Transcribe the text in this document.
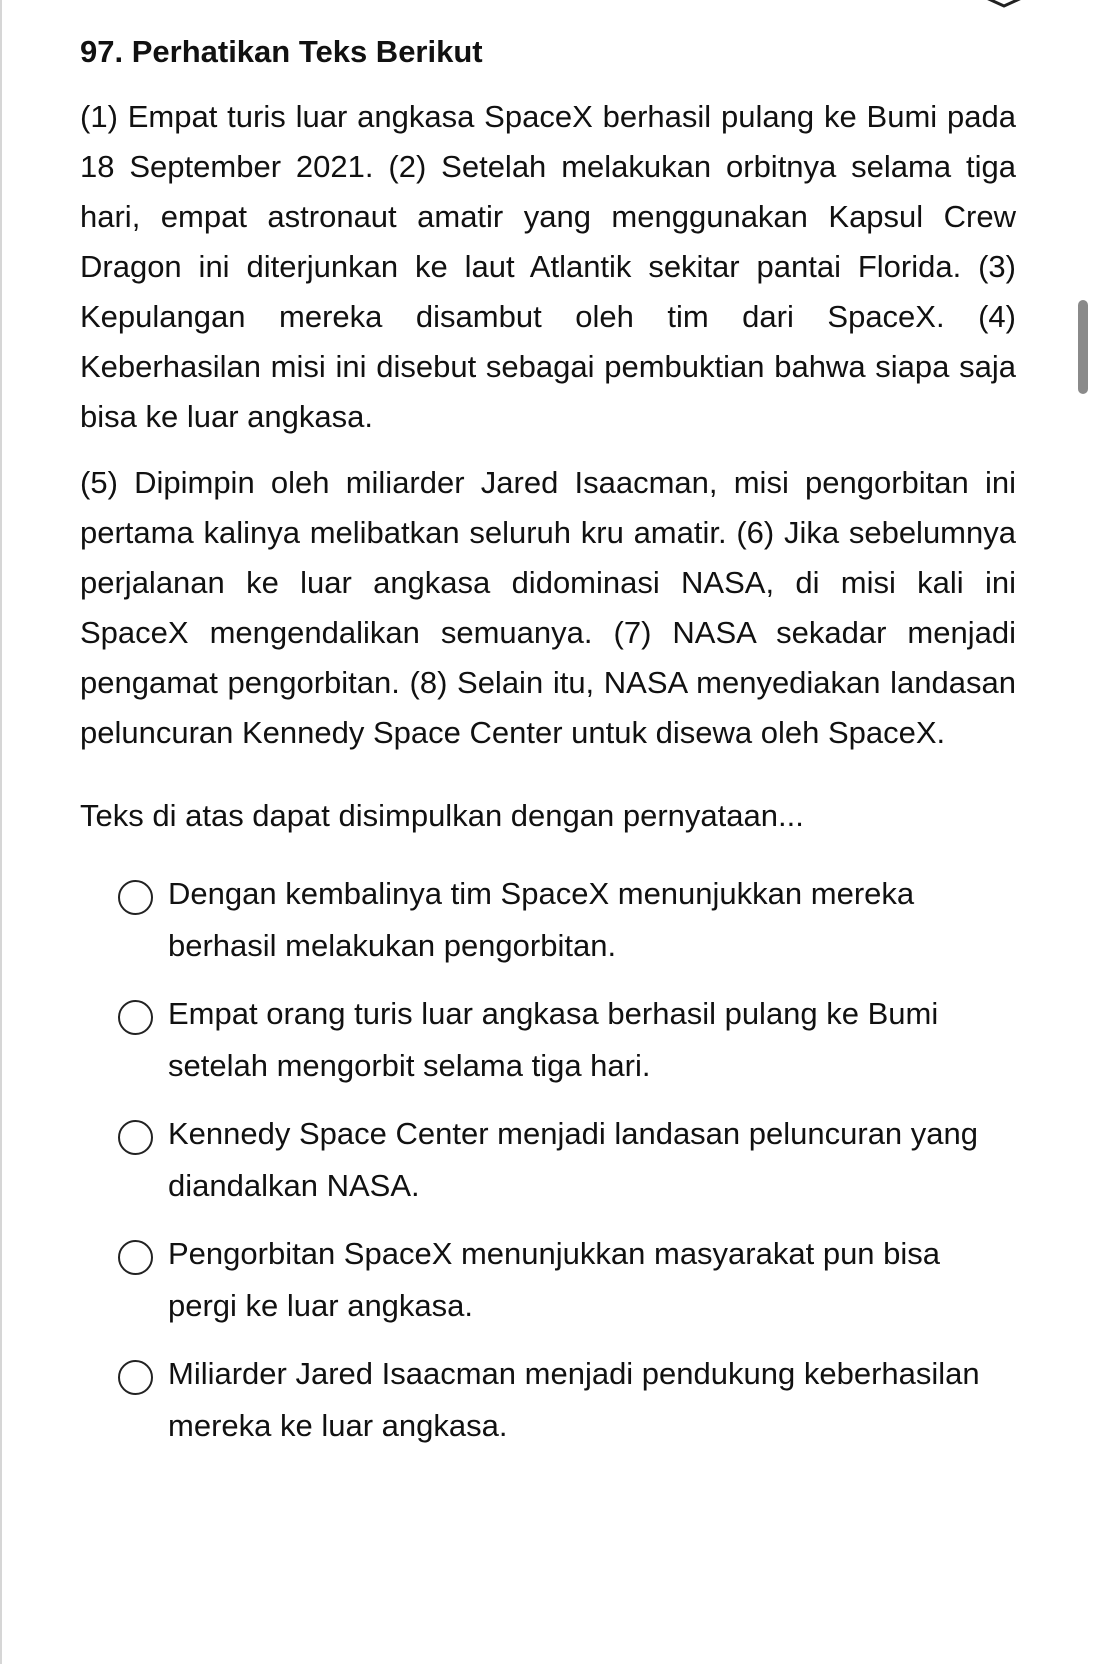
97. Perhatikan Teks Berikut

(1) Empat turis luar angkasa SpaceX berhasil pulang ke Bumi pada 18 September 2021. (2) Setelah melakukan orbitnya selama tiga hari, empat astronaut amatir yang menggunakan Kapsul Crew Dragon ini diterjunkan ke laut Atlantik sekitar pantai Florida. (3) Kepulangan mereka disambut oleh tim dari SpaceX. (4) Keberhasilan misi ini disebut sebagai pembuktian bahwa siapa saja bisa ke luar angkasa.

(5) Dipimpin oleh miliarder Jared Isaacman, misi pengorbitan ini pertama kalinya melibatkan seluruh kru amatir. (6) Jika sebelumnya perjalanan ke luar angkasa didominasi NASA, di misi kali ini SpaceX mengendalikan semuanya. (7) NASA sekadar menjadi pengamat pengorbitan. (8) Selain itu, NASA menyediakan landasan peluncuran Kennedy Space Center untuk disewa oleh SpaceX.

Teks di atas dapat disimpulkan dengan pernyataan...
Dengan kembalinya tim SpaceX menunjukkan mereka berhasil melakukan pengorbitan.
Empat orang turis luar angkasa berhasil pulang ke Bumi setelah mengorbit selama tiga hari.
Kennedy Space Center menjadi landasan peluncuran yang diandalkan NASA.
Pengorbitan SpaceX menunjukkan masyarakat pun bisa pergi ke luar angkasa.
Miliarder Jared Isaacman menjadi pendukung keberhasilan mereka ke luar angkasa.
